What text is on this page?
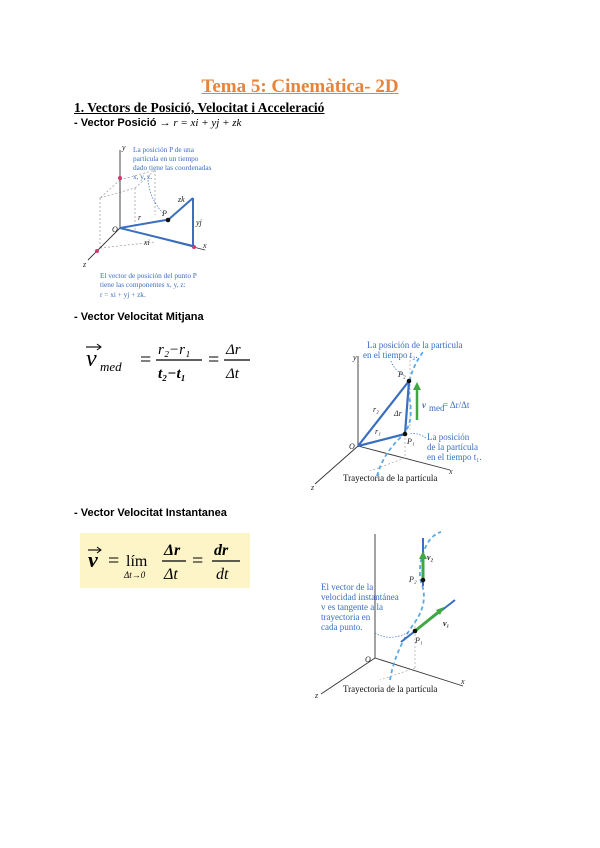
Tema 5: Cinemàtica- 2D
1. Vectors de Posició, Velocitat i Acceleració
- Vector Posició → r = xi + yj + zk
y
x
z
O
P
r
xi
yj
zk
La posición P de una
partícula en un tiempo
dado tiene las coordenadas
x, y, z.
El vector de posición del punto P
tiene las componentes x, y, z:
r = xi + yj + zk.
- Vector Velocitat Mitjana
v med = r₂−r₁
t₂−t₁
= Δr
Δt
y
x
z
O
P₁
P₂
r₁
r₂ Δr
v med
= Δr/Δt
La posición de la partícula
en el tiempo t₂.
La posición
de la partícula
en el tiempo t₁.
Trayectoria de la partícula
- Vector Velocitat Instantanea
v = lím
Δt→0
Δr
Δt
= dr
dt
x
z
O
P₁
P₂
v₁
v₂
El vector de la
velocidad instantánea
v es tangente a la
trayectoria en
cada punto.
Trayectoria de la partícula
